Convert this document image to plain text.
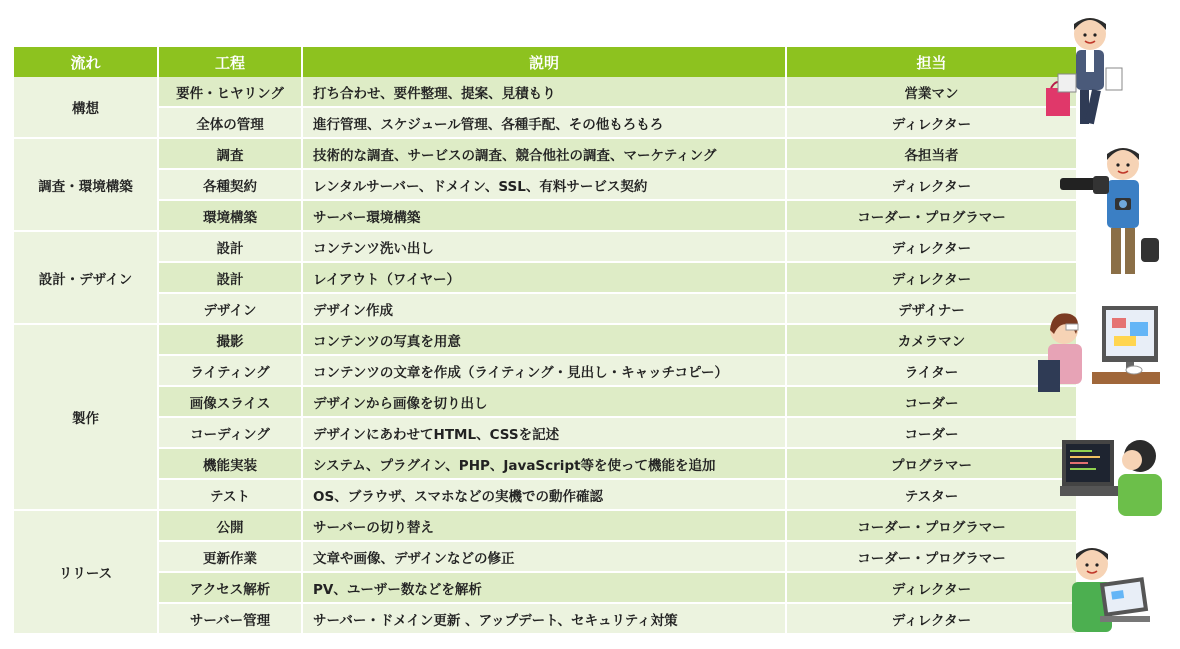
流れ	工程	説明	担当
構想	要件・ヒヤリング	打ち合わせ、要件整理、提案、見積もり	営業マン
	全体の管理	進行管理、スケジュール管理、各種手配、その他もろもろ	ディレクター
調査・環境構築	調査	技術的な調査、サービスの調査、競合他社の調査、マーケティング	各担当者
	各種契約	レンタルサーバー、ドメイン、SSL、有料サービス契約	ディレクター
	環境構築	サーバー環境構築	コーダー・プログラマー
設計・デザイン	設計	コンテンツ洗い出し	ディレクター
	設計	レイアウト（ワイヤー）	ディレクター
	デザイン	デザイン作成	デザイナー
製作	撮影	コンテンツの写真を用意	カメラマン
	ライティング	コンテンツの文章を作成（ライティング・見出し・キャッチコピー）	ライター
	画像スライス	デザインから画像を切り出し	コーダー
	コーディング	デザインにあわせてHTML、CSSを記述	コーダー
	機能実装	システム、プラグイン、PHP、JavaScript等を使って機能を追加	プログラマー
	テスト	OS、ブラウザ、スマホなどの実機での動作確認	テスター
リリース	公開	サーバーの切り替え	コーダー・プログラマー
	更新作業	文章や画像、デザインなどの修正	コーダー・プログラマー
	アクセス解析	PV、ユーザー数などを解析	ディレクター
	サーバー管理	サーバー・ドメイン更新 、アップデート、セキュリティ対策	ディレクター
